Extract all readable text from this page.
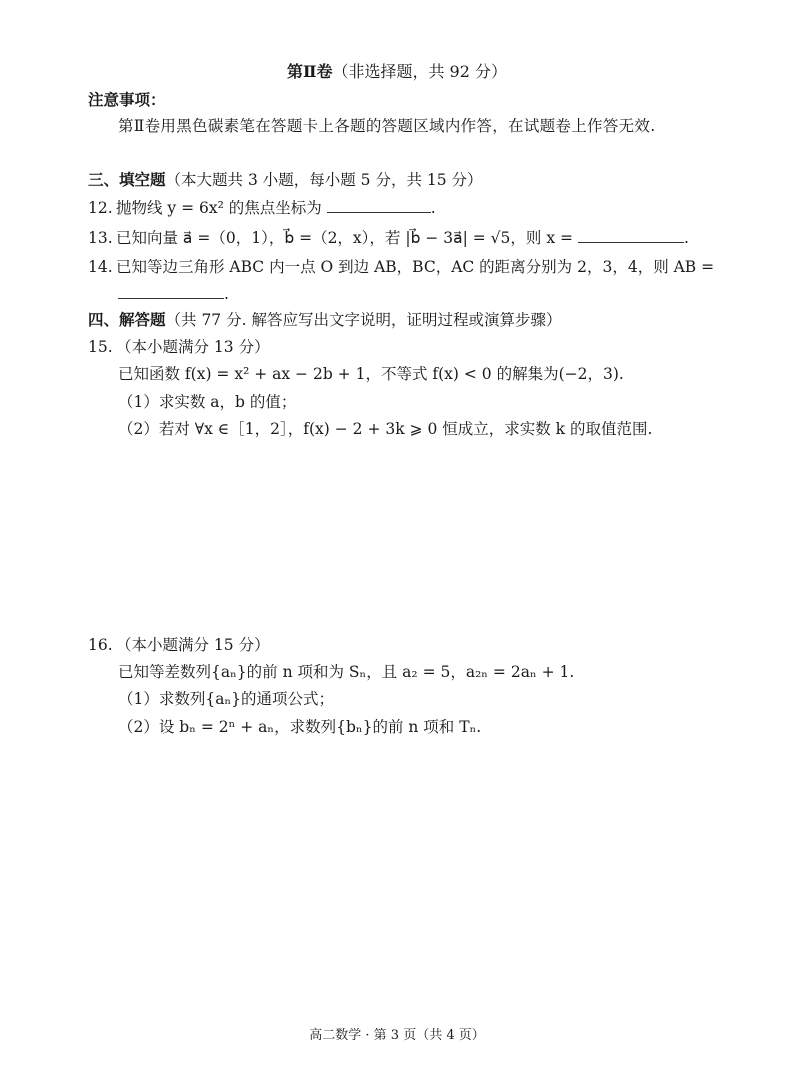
第Ⅱ卷（非选择题，共 92 分）
注意事项：
第Ⅱ卷用黑色碳素笔在答题卡上各题的答题区域内作答，在试题卷上作答无效.
三、填空题（本大题共 3 小题，每小题 5 分，共 15 分）
12. 抛物线 y = 6x² 的焦点坐标为	.
13. 已知向量 a⃗ =（0，1），b⃗ =（2，x），若 |b⃗ − 3a⃗| = √5，则 x =	.
14. 已知等边三角形 ABC 内一点 O 到边 AB，BC，AC 的距离分别为 2，3，4，则 AB =
.
四、解答题（共 77 分. 解答应写出文字说明，证明过程或演算步骤）
15. （本小题满分 13 分）
已知函数 f(x) = x² + ax − 2b + 1，不等式 f(x) < 0 的解集为(−2，3).
（1）求实数 a，b 的值；
（2）若对 ∀x ∈［1，2］，f(x) − 2 + 3k ⩾ 0 恒成立，求实数 k 的取值范围.
16. （本小题满分 15 分）
已知等差数列{aₙ}的前 n 项和为 Sₙ，且 a₂ = 5，a₂ₙ = 2aₙ + 1.
（1）求数列{aₙ}的通项公式；
（2）设 bₙ = 2ⁿ + aₙ，求数列{bₙ}的前 n 项和 Tₙ.
高二数学 · 第 3 页（共 4 页）
